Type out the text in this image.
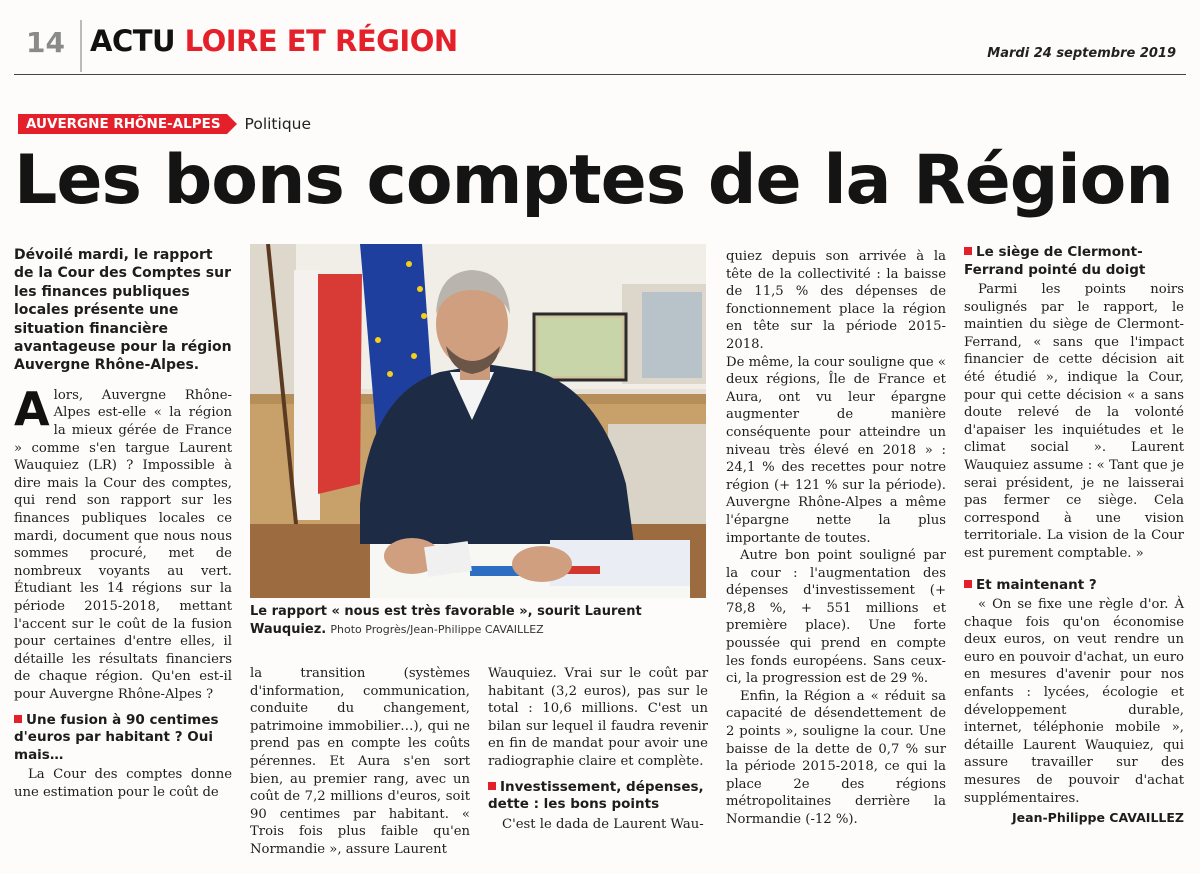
14 ACTU LOIRE ET RÉGION	Mardi 24 septembre 2019
AUVERGNE RHÔNE-ALPES	Politique
Les bons comptes de la Région

Dévoilé mardi, le rapport de la Cour des Comptes sur les finances publiques locales présente une situation financière avantageuse pour la région Auvergne Rhône-Alpes.

Alors, Auvergne Rhône-Alpes est-elle « la région la mieux gérée de France » comme s'en targue Laurent Wauquiez (LR) ? Impossible à dire mais la Cour des comptes, qui rend son rapport sur les finances publiques locales ce mardi, document que nous nous sommes procuré, met de nombreux voyants au vert. Étudiant les 14 régions sur la période 2015-2018, mettant l'accent sur le coût de la fusion pour certaines d'entre elles, il détaille les résultats financiers de chaque région. Qu'en est-il pour Auvergne Rhône-Alpes ?

Une fusion à 90 centimes d'euros par habitant ? Oui mais…

La Cour des comptes donne une estimation pour le coût de

Le rapport « nous est très favorable », sourit Laurent Wauquiez. Photo Progrès/Jean-Philippe CAVAILLEZ

la transition (systèmes d'information, communication, conduite du changement, patrimoine immobilier…), qui ne prend pas en compte les coûts pérennes. Et Aura s'en sort bien, au premier rang, avec un coût de 7,2 millions d'euros, soit 90 centimes par habitant. « Trois fois plus faible qu'en Normandie », assure Laurent

Wauquiez. Vrai sur le coût par habitant (3,2 euros), pas sur le total : 10,6 millions. C'est un bilan sur lequel il faudra revenir en fin de mandat pour avoir une radiographie claire et complète.

Investissement, dépenses, dette : les bons points

C'est le dada de Laurent Wau-

quiez depuis son arrivée à la tête de la collectivité : la baisse de 11,5 % des dépenses de fonctionnement place la région en tête sur la période 2015-2018.

De même, la cour souligne que « deux régions, Île de France et Aura, ont vu leur épargne augmenter de manière conséquente pour atteindre un niveau très élevé en 2018 » : 24,1 % des recettes pour notre région (+ 121 % sur la période). Auvergne Rhône-Alpes a même l'épargne nette la plus importante de toutes.

Autre bon point souligné par la cour : l'augmentation des dépenses d'investissement (+ 78,8 %, + 551 millions et première place). Une forte poussée qui prend en compte les fonds européens. Sans ceux-ci, la progression est de 29 %.

Enfin, la Région a « réduit sa capacité de désendettement de 2 points », souligne la cour. Une baisse de la dette de 0,7 % sur la période 2015-2018, ce qui la place 2e des régions métropolitaines derrière la Normandie (-12 %).

Le siège de Clermont-Ferrand pointé du doigt

Parmi les points noirs soulignés par le rapport, le maintien du siège de Clermont-Ferrand, « sans que l'impact financier de cette décision ait été étudié », indique la Cour, pour qui cette décision « a sans doute relevé de la volonté d'apaiser les inquiétudes et le climat social ». Laurent Wauquiez assume : « Tant que je serai président, je ne laisserai pas fermer ce siège. Cela correspond à une vision territoriale. La vision de la Cour est purement comptable. »

Et maintenant ?

« On se fixe une règle d'or. À chaque fois qu'on économise deux euros, on veut rendre un euro en pouvoir d'achat, un euro en mesures d'avenir pour nos enfants : lycées, écologie et développement durable, internet, téléphonie mobile », détaille Laurent Wauquiez, qui assure travailler sur des mesures de pouvoir d'achat supplémentaires.

Jean-Philippe CAVAILLEZ
